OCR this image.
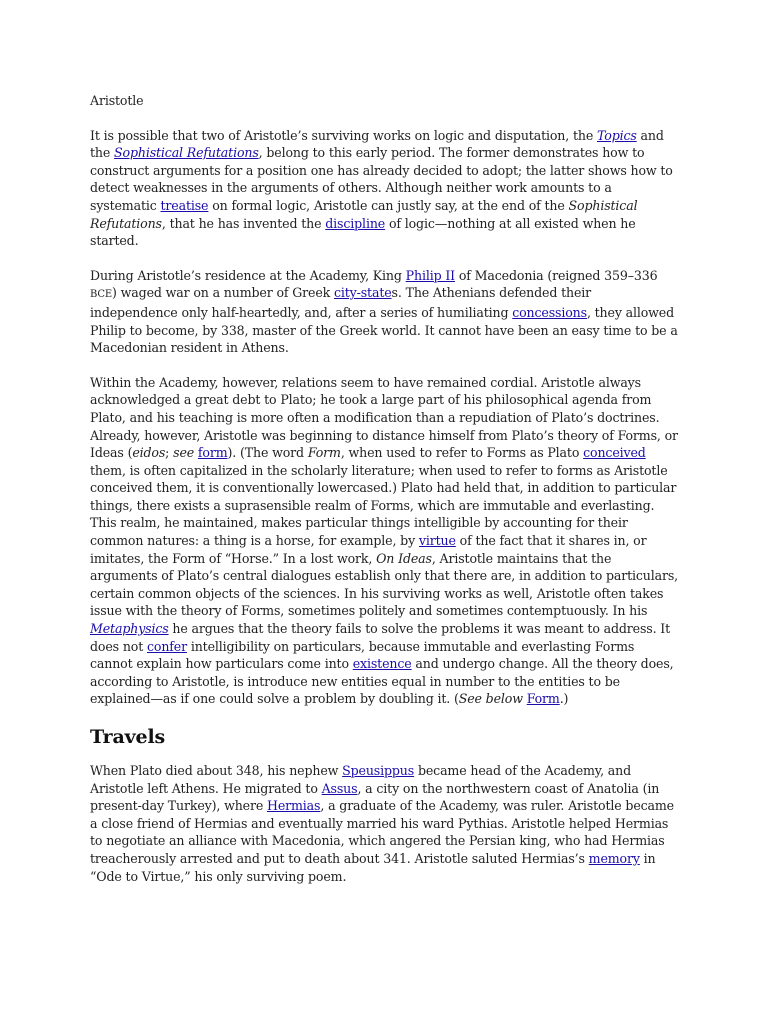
Aristotle

It is possible that two of Aristotle’s surviving works on logic and disputation, the Topics and the Sophistical Refutations, belong to this early period. The former demonstrates how to construct arguments for a position one has already decided to adopt; the latter shows how to detect weaknesses in the arguments of others. Although neither work amounts to a systematic treatise on formal logic, Aristotle can justly say, at the end of the Sophistical Refutations, that he has invented the discipline of logic—nothing at all existed when he started.

During Aristotle’s residence at the Academy, King Philip II of Macedonia (reigned 359–336 BCE) waged war on a number of Greek city-states. The Athenians defended their independence only half-heartedly, and, after a series of humiliating concessions, they allowed Philip to become, by 338, master of the Greek world. It cannot have been an easy time to be a Macedonian resident in Athens.

Within the Academy, however, relations seem to have remained cordial. Aristotle always acknowledged a great debt to Plato; he took a large part of his philosophical agenda from Plato, and his teaching is more often a modification than a repudiation of Plato’s doctrines. Already, however, Aristotle was beginning to distance himself from Plato’s theory of Forms, or Ideas (eidos; see form). (The word Form, when used to refer to Forms as Plato conceived them, is often capitalized in the scholarly literature; when used to refer to forms as Aristotle conceived them, it is conventionally lowercased.) Plato had held that, in addition to particular things, there exists a suprasensible realm of Forms, which are immutable and everlasting. This realm, he maintained, makes particular things intelligible by accounting for their common natures: a thing is a horse, for example, by virtue of the fact that it shares in, or imitates, the Form of “Horse.” In a lost work, On Ideas, Aristotle maintains that the arguments of Plato’s central dialogues establish only that there are, in addition to particulars, certain common objects of the sciences. In his surviving works as well, Aristotle often takes issue with the theory of Forms, sometimes politely and sometimes contemptuously. In his Metaphysics he argues that the theory fails to solve the problems it was meant to address. It does not confer intelligibility on particulars, because immutable and everlasting Forms cannot explain how particulars come into existence and undergo change. All the theory does, according to Aristotle, is introduce new entities equal in number to the entities to be explained—as if one could solve a problem by doubling it. (See below Form.)

Travels

When Plato died about 348, his nephew Speusippus became head of the Academy, and Aristotle left Athens. He migrated to Assus, a city on the northwestern coast of Anatolia (in present-day Turkey), where Hermias, a graduate of the Academy, was ruler. Aristotle became a close friend of Hermias and eventually married his ward Pythias. Aristotle helped Hermias to negotiate an alliance with Macedonia, which angered the Persian king, who had Hermias treacherously arrested and put to death about 341. Aristotle saluted Hermias’s memory in “Ode to Virtue,” his only surviving poem.
